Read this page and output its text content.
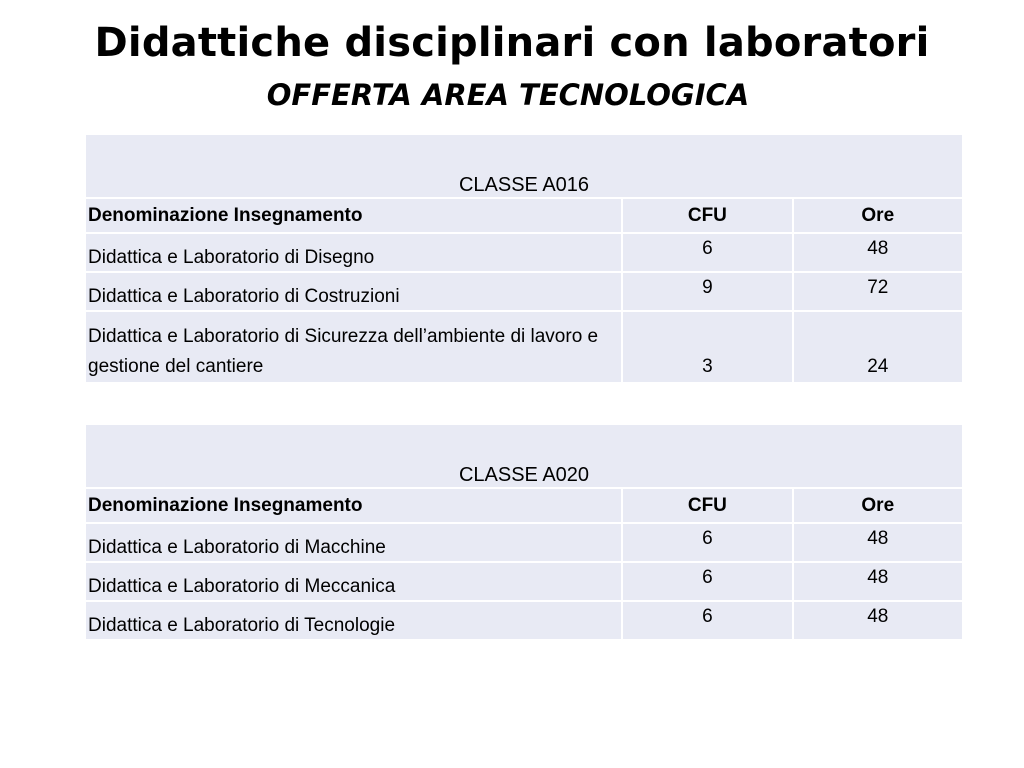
Didattiche disciplinari con laboratori
OFFERTA AREA TECNOLOGICA
CLASSE A016		
Denominazione Insegnamento	CFU	Ore
Didattica e Laboratorio di Disegno	6	48
Didattica e Laboratorio di Costruzioni	9	72
Didattica e Laboratorio di Sicurezza dell’ambiente di lavoro e gestione del cantiere	3	24
CLASSE A020		
Denominazione Insegnamento	CFU	Ore
Didattica e Laboratorio di Macchine	6	48
Didattica e Laboratorio di Meccanica	6	48
Didattica e Laboratorio di Tecnologie	6	48
